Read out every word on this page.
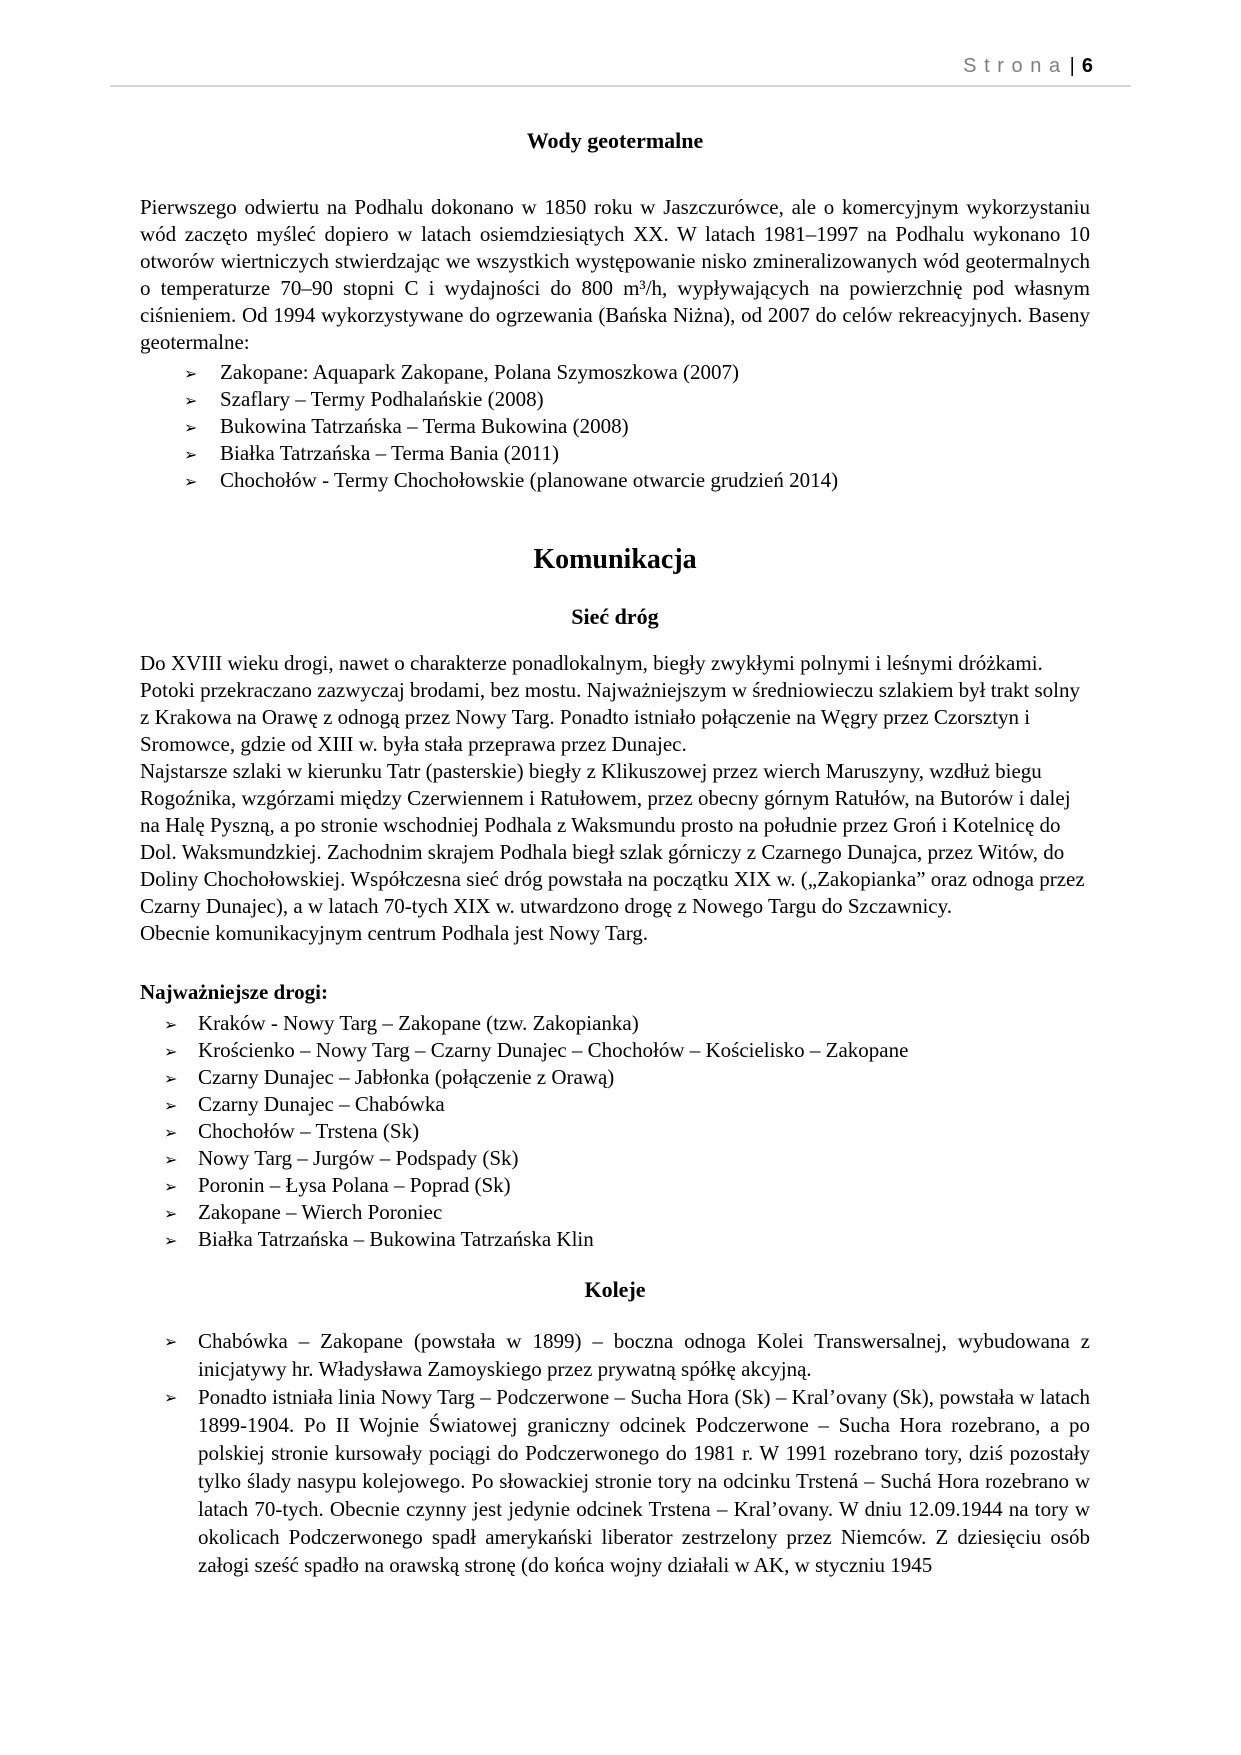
Strona | 6
Wody geotermalne
Pierwszego odwiertu na Podhalu dokonano w 1850 roku w Jaszczurówce, ale o komercyjnym wykorzystaniu wód zaczęto myśleć dopiero w latach osiemdziesiątych XX. W latach 1981–1997 na Podhalu wykonano 10 otworów wiertniczych stwierdzając we wszystkich występowanie nisko zmineralizowanych wód geotermalnych o temperaturze 70–90 stopni C i wydajności do 800 m³/h, wypływających na powierzchnię pod własnym ciśnieniem. Od 1994 wykorzystywane do ogrzewania (Bańska Niżna), od 2007 do celów rekreacyjnych. Baseny geotermalne:
➢ Zakopane: Aquapark Zakopane, Polana Szymoszkowa (2007)
➢ Szaflary – Termy Podhalańskie (2008)
➢ Bukowina Tatrzańska – Terma Bukowina (2008)
➢ Białka Tatrzańska – Terma Bania (2011)
➢ Chochołów - Termy Chochołowskie (planowane otwarcie grudzień 2014)
Komunikacja
Sieć dróg
Do XVIII wieku drogi, nawet o charakterze ponadlokalnym, biegły zwykłymi polnymi i leśnymi dróżkami. Potoki przekraczano zazwyczaj brodami, bez mostu. Najważniejszym w średniowieczu szlakiem był trakt solny z Krakowa na Orawę z odnogą przez Nowy Targ. Ponadto istniało połączenie na Węgry przez Czorsztyn i Sromowce, gdzie od XIII w. była stała przeprawa przez Dunajec.
Najstarsze szlaki w kierunku Tatr (pasterskie) biegły z Klikuszowej przez wierch Maruszyny, wzdłuż biegu Rogoźnika, wzgórzami między Czerwiennem i Ratułowem, przez obecny górnym Ratułów, na Butorów i dalej na Halę Pyszną, a po stronie wschodniej Podhala z Waksmundu prosto na południe przez Groń i Kotelnicę do Dol. Waksmundzkiej. Zachodnim skrajem Podhala biegł szlak górniczy z Czarnego Dunajca, przez Witów, do Doliny Chochołowskiej. Współczesna sieć dróg powstała na początku XIX w. („Zakopianka” oraz odnoga przez Czarny Dunajec), a w latach 70-tych XIX w. utwardzono drogę z Nowego Targu do Szczawnicy.
Obecnie komunikacyjnym centrum Podhala jest Nowy Targ.
Najważniejsze drogi:
➢ Kraków - Nowy Targ – Zakopane (tzw. Zakopianka)
➢ Krościenko – Nowy Targ – Czarny Dunajec – Chochołów – Kościelisko – Zakopane
➢ Czarny Dunajec – Jabłonka (połączenie z Orawą)
➢ Czarny Dunajec – Chabówka
➢ Chochołów – Trstena (Sk)
➢ Nowy Targ – Jurgów – Podspady (Sk)
➢ Poronin – Łysa Polana – Poprad (Sk)
➢ Zakopane – Wierch Poroniec
➢ Białka Tatrzańska – Bukowina Tatrzańska Klin
Koleje
➢ Chabówka – Zakopane (powstała w 1899) – boczna odnoga Kolei Transwersalnej, wybudowana z inicjatywy hr. Władysława Zamoyskiego przez prywatną spółkę akcyjną.
➢ Ponadto istniała linia Nowy Targ – Podczerwone – Sucha Hora (Sk) – Kral’ovany (Sk), powstała w latach 1899-1904. Po II Wojnie Światowej graniczny odcinek Podczerwone – Sucha Hora rozebrano, a po polskiej stronie kursowały pociągi do Podczerwonego do 1981 r. W 1991 rozebrano tory, dziś pozostały tylko ślady nasypu kolejowego. Po słowackiej stronie tory na odcinku Trstená – Suchá Hora rozebrano w latach 70-tych. Obecnie czynny jest jedynie odcinek Trstena – Kral’ovany. W dniu 12.09.1944 na tory w okolicach Podczerwonego spadł amerykański liberator zestrzelony przez Niemców. Z dziesięciu osób załogi sześć spadło na orawską stronę (do końca wojny działali w AK, w styczniu 1945
